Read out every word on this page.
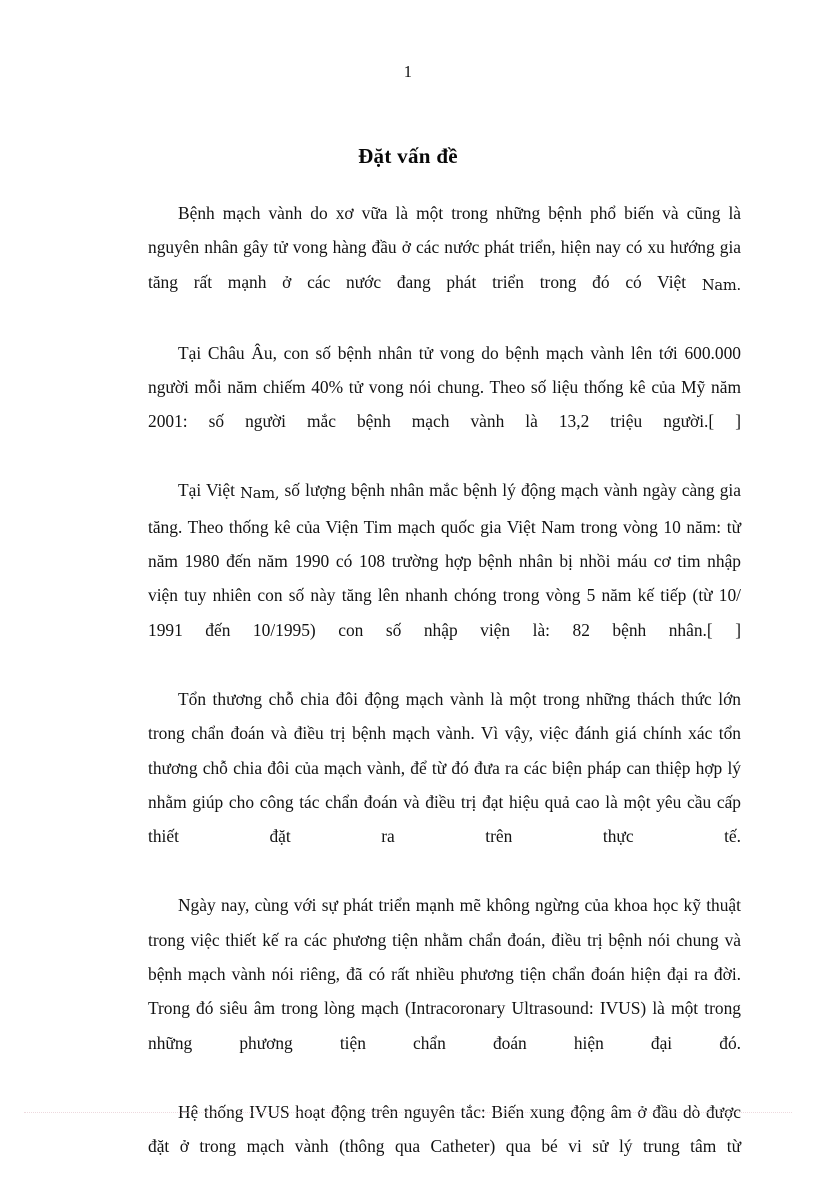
1
Đặt vấn đề

Bệnh mạch vành do xơ vữa là một trong những bệnh phổ biến và cũng là nguyên nhân gây tử vong hàng đầu ở các nước phát triển, hiện nay có xu hướng gia tăng rất mạnh ở các nước đang phát triển trong đó có Việt Nam.

Tại Châu Âu, con số bệnh nhân tử vong do bệnh mạch vành lên tới 600.000 người mỗi năm chiếm 40% tử vong nói chung. Theo số liệu thống kê của Mỹ năm 2001: số người mắc bệnh mạch vành là 13,2 triệu người.[ ]

Tại Việt Nam, số lượng bệnh nhân mắc bệnh lý động mạch vành ngày càng gia tăng. Theo thống kê của Viện Tim mạch quốc gia Việt Nam trong vòng 10 năm: từ năm 1980 đến năm 1990 có 108 trường hợp bệnh nhân bị nhồi máu cơ tim nhập viện tuy nhiên con số này tăng lên nhanh chóng trong vòng 5 năm kế tiếp (từ 10/ 1991 đến 10/1995) con số nhập viện là: 82 bệnh nhân.[ ]

Tổn thương chỗ chia đôi động mạch vành là một trong những thách thức lớn trong chẩn đoán và điều trị bệnh mạch vành. Vì vậy, việc đánh giá chính xác tổn thương chỗ chia đôi của mạch vành, để từ đó đưa ra các biện pháp can thiệp hợp lý nhằm giúp cho công tác chẩn đoán và điều trị đạt hiệu quả cao là một yêu cầu cấp thiết đặt ra trên thực tế.

Ngày nay, cùng với sự phát triển mạnh mẽ không ngừng của khoa học kỹ thuật trong việc thiết kế ra các phương tiện nhằm chẩn đoán, điều trị bệnh nói chung và bệnh mạch vành nói riêng, đã có rất nhiều phương tiện chẩn đoán hiện đại ra đời. Trong đó siêu âm trong lòng mạch (Intracoronary Ultrasound: IVUS) là một trong những phương tiện chẩn đoán hiện đại đó.

Hệ thống IVUS hoạt động trên nguyên tắc: Biến xung động âm ở đầu dò được đặt ở trong mạch vành (thông qua Catheter) qua bé vi sử lý trung tâm từ
